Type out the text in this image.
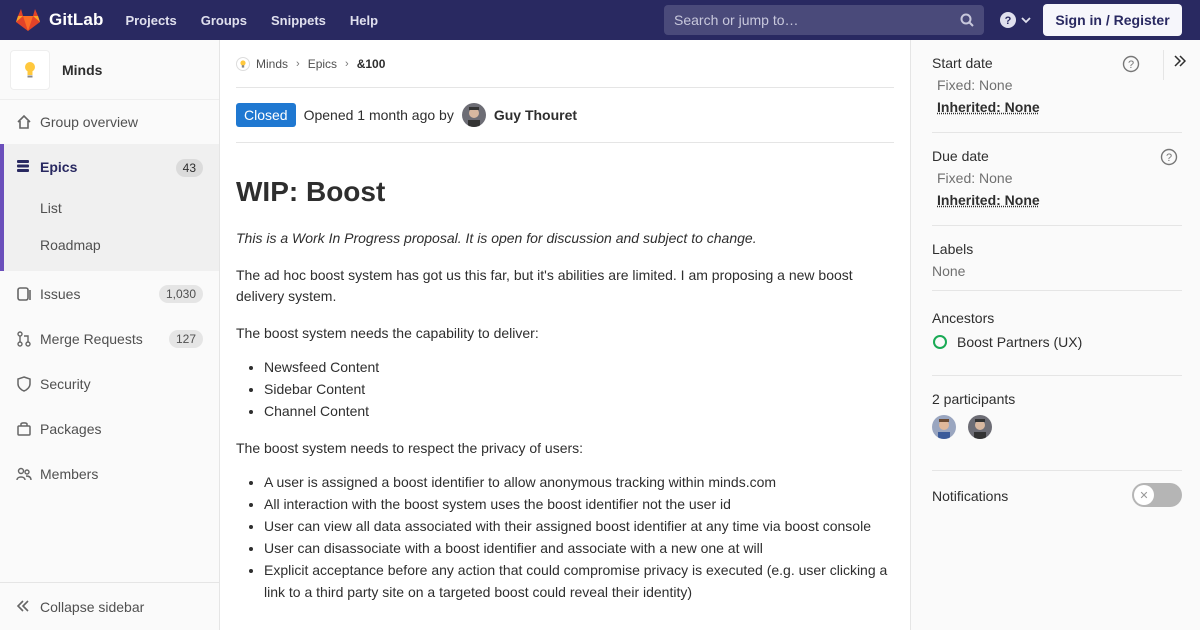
GitLab Projects Groups Snippets Help	Search or jump to…	?	Sign in / Register
Minds
Group overview
Epics	43
List
Roadmap
Issues	1,030
Merge Requests	127
Security
Packages
Members
Collapse sidebar
Minds › Epics › &100
Closed	Opened 1 month ago by	Guy Thouret
WIP: Boost

This is a Work In Progress proposal. It is open for discussion and subject to change.

The ad hoc boost system has got us this far, but it's abilities are limited. I am proposing a new boost delivery system.

The boost system needs the capability to deliver:

• Newsfeed Content
• Sidebar Content
• Channel Content

The boost system needs to respect the privacy of users:

• A user is assigned a boost identifier to allow anonymous tracking within minds.com
• All interaction with the boost system uses the boost identifier not the user id
• User can view all data associated with their assigned boost identifier at any time via boost console
• User can disassociate with a boost identifier and associate with a new one at will
• Explicit acceptance before any action that could compromise privacy is executed (e.g. user clicking a link to a third party site on a targeted boost could reveal their identity)
Start date	?
Fixed: None
Inherited: None
Due date	?
Fixed: None
Inherited: None
Labels
None
Ancestors
Boost Partners (UX)
2 participants
Notifications	✕
